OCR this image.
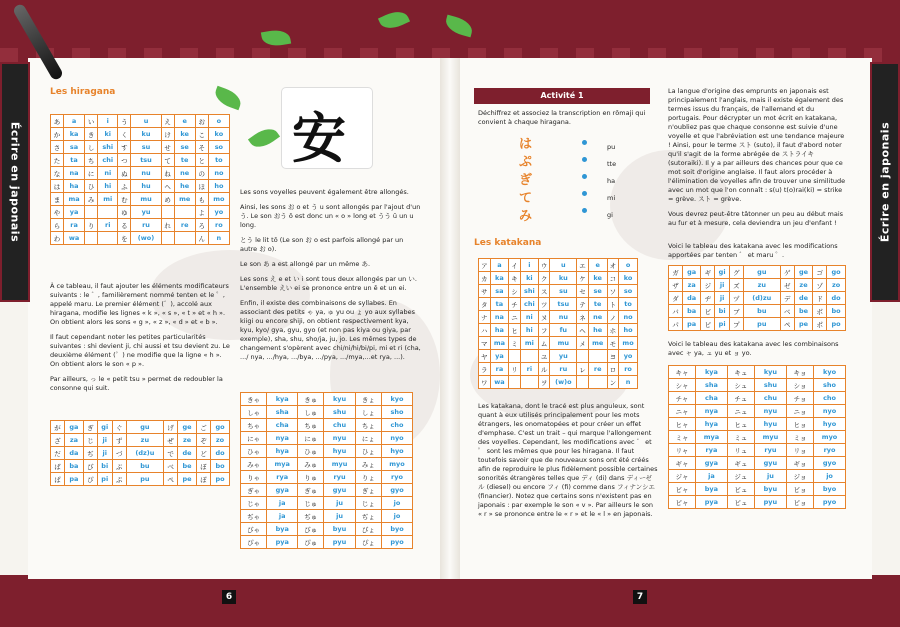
安
Écrire en japonais	Écrire en japonais
Les hiragana
あ	a	い	i	う	u	え	e	お	o
か	ka	き	ki	く	ku	け	ke	こ	ko
さ	sa	し	shi	す	su	せ	se	そ	so
た	ta	ち	chi	つ	tsu	て	te	と	to
な	na	に	ni	ぬ	nu	ね	ne	の	no
は	ha	ひ	hi	ふ	hu	へ	he	ほ	ho
ま	ma	み	mi	む	mu	め	me	も	mo
や	ya			ゆ	yu			よ	yo
ら	ra	り	ri	る	ru	れ	re	ろ	ro
わ	wa			を	(wo)			ん	n

À ce tableau, il faut ajouter les éléments modificateurs suivants : le ゛, familièrement nommé tenten et le ゜, appelé maru. Le premier élément (゛), accolé aux hiragana, modifie les lignes « k », « s », « t » et « h ». On obtient alors les sons « g », « z », « d » et « b ».

Il faut cependant noter les petites particularités suivantes : shi devient ji, chi aussi et tsu devient zu. Le deuxième élément (゜) ne modifie que la ligne « h ». On obtient alors le son « p ».

Par ailleurs, っ le « petit tsu » permet de redoubler la consonne qui suit.

が	ga	ぎ	gi	ぐ	gu	げ	ge	ご	go
ざ	za	じ	ji	ず	zu	ぜ	ze	ぞ	zo
だ	da	ぢ	ji	づ	(dz)u	で	de	ど	do
ば	ba	び	bi	ぶ	bu	べ	be	ぼ	bo
ぱ	pa	ぴ	pi	ぷ	pu	ぺ	pe	ぽ	po

Les sons voyelles peuvent également être allongés.

Ainsi, les sons お o et う u sont allongés par l'ajout d'un う. Le son おう ō est donc un « o » long et うう ū un u long.

とう le lit tō (Le son お o est parfois allongé par un autre お o).

Le son あ a est allongé par un même あ.

Les sons え e et い i sont tous deux allongés par un い. L'ensemble えい ei se prononce entre un ē et un ei.

Enfin, il existe des combinaisons de syllabes. En associant des petits ゃ ya, ゅ yu ou ょ yo aux syllabes kiigi ou encore shiji, on obtient respectivement kya, kyu, kyo/ gya, gyu, gyo (et non pas kiya ou giya, par exemple), sha, shu, sho/ja, ju, jo. Les mêmes types de changement s'opèrent avec chi/ni/hi/bi/pi, mi et ri (cha, .../ nya, .../hya, .../bya, .../pya, .../mya,...et rya, ...).

きゃ	kya	きゅ	kyu	きょ	kyo
しゃ	sha	しゅ	shu	しょ	sho
ちゃ	cha	ちゅ	chu	ちょ	cho
にゃ	nya	にゅ	nyu	にょ	nyo
ひゃ	hya	ひゅ	hyu	ひょ	hyo
みゃ	mya	みゅ	myu	みょ	myo
りゃ	rya	りゅ	ryu	りょ	ryo
ぎゃ	gya	ぎゅ	gyu	ぎょ	gyo
じゃ	ja	じゅ	ju	じょ	jo
ぢゃ	ja	ぢゅ	ju	ぢょ	jo
びゃ	bya	びゅ	byu	びょ	byo
ぴゃ	pya	ぴゅ	pyu	ぴょ	pyo
6
Activité 1
Déchiffrez et associez la transcription en rōmaji qui convient à chaque hiragana.
は
ぷ
ぎ
て
み
pu
tte
ha
mi
gi
Les katakana
ア	a	イ	i	ウ	u	エ	e	オ	o
カ	ka	キ	ki	ク	ku	ケ	ke	コ	ko
サ	sa	シ	shi	ス	su	セ	se	ソ	so
タ	ta	チ	chi	ツ	tsu	テ	te	ト	to
ナ	na	ニ	ni	ヌ	nu	ネ	ne	ノ	no
ハ	ha	ヒ	hi	フ	fu	ヘ	he	ホ	ho
マ	ma	ミ	mi	ム	mu	メ	me	モ	mo
ヤ	ya			ユ	yu			ヨ	yo
ラ	ra	リ	ri	ル	ru	レ	re	ロ	ro
ワ	wa			ヲ	(w)o			ン	n
Les katakana, dont le tracé est plus anguleux, sont quant à eux utilisés principalement pour les mots étrangers, les onomatopées et pour créer un effet d'emphase. C'est un trait – qui marque l'allongement des voyelles. Cependant, les modifications avec ゛ et ゜ sont les mêmes que pour les hiragana. Il faut toutefois savoir que de nouveaux sons ont été créés afin de reproduire le plus fidèlement possible certaines sonorités étrangères telles que ディ (di) dans ディーゼル (diesel) ou encore フィ (fi) comme dans フィナンシエ (financier). Notez que certains sons n'existent pas en japonais : par exemple le son « v ». Par ailleurs le son « r » se prononce entre le « r » et le « l » en japonais.

La langue d'origine des emprunts en japonais est principalement l'anglais, mais il existe également des termes issus du français, de l'allemand et du portugais. Pour décrypter un mot écrit en katakana, n'oubliez pas que chaque consonne est suivie d'une voyelle et que l'abréviation est une tendance majeure ! Ainsi, pour le terme スト (suto), il faut d'abord noter qu'il s'agit de la forme abrégée de ストライキ (sutoraiki). Il y a par ailleurs des chances pour que ce mot soit d'origine anglaise. Il faut alors procéder à l'élimination de voyelles afin de trouver une similitude avec un mot que l'on connaît : s(u) t(o)rai(ki) = strike = grève. スト = grève.

Vous devrez peut-être tâtonner un peu au début mais au fur et à mesure, cela deviendra un jeu d'enfant !

Voici le tableau des katakana avec les modifications apportées par tenten ゛ et maru ゜.
ガ	ga	ギ	gi	グ	gu	ゲ	ge	ゴ	go
ザ	za	ジ	ji	ズ	zu	ゼ	ze	ゾ	zo
ダ	da	ヂ	ji	ヅ	(d)zu	デ	de	ド	do
バ	ba	ビ	bi	ブ	bu	ベ	be	ボ	bo
パ	pa	ピ	pi	プ	pu	ペ	pe	ポ	po
Voici le tableau des katakana avec les combinaisons avec ャ ya, ュ yu et ョ yo.
キャ	kya	キュ	kyu	キョ	kyo
シャ	sha	シュ	shu	ショ	sho
チャ	cha	チュ	chu	チョ	cho
ニャ	nya	ニュ	nyu	ニョ	nyo
ヒャ	hya	ヒュ	hyu	ヒョ	hyo
ミャ	mya	ミュ	myu	ミョ	myo
リャ	rya	リュ	ryu	リョ	ryo
ギャ	gya	ギュ	gyu	ギョ	gyo
ジャ	ja	ジュ	ju	ジョ	jo
ビャ	bya	ビュ	byu	ビョ	byo
ピャ	pya	ピュ	pyu	ピョ	pyo
7
